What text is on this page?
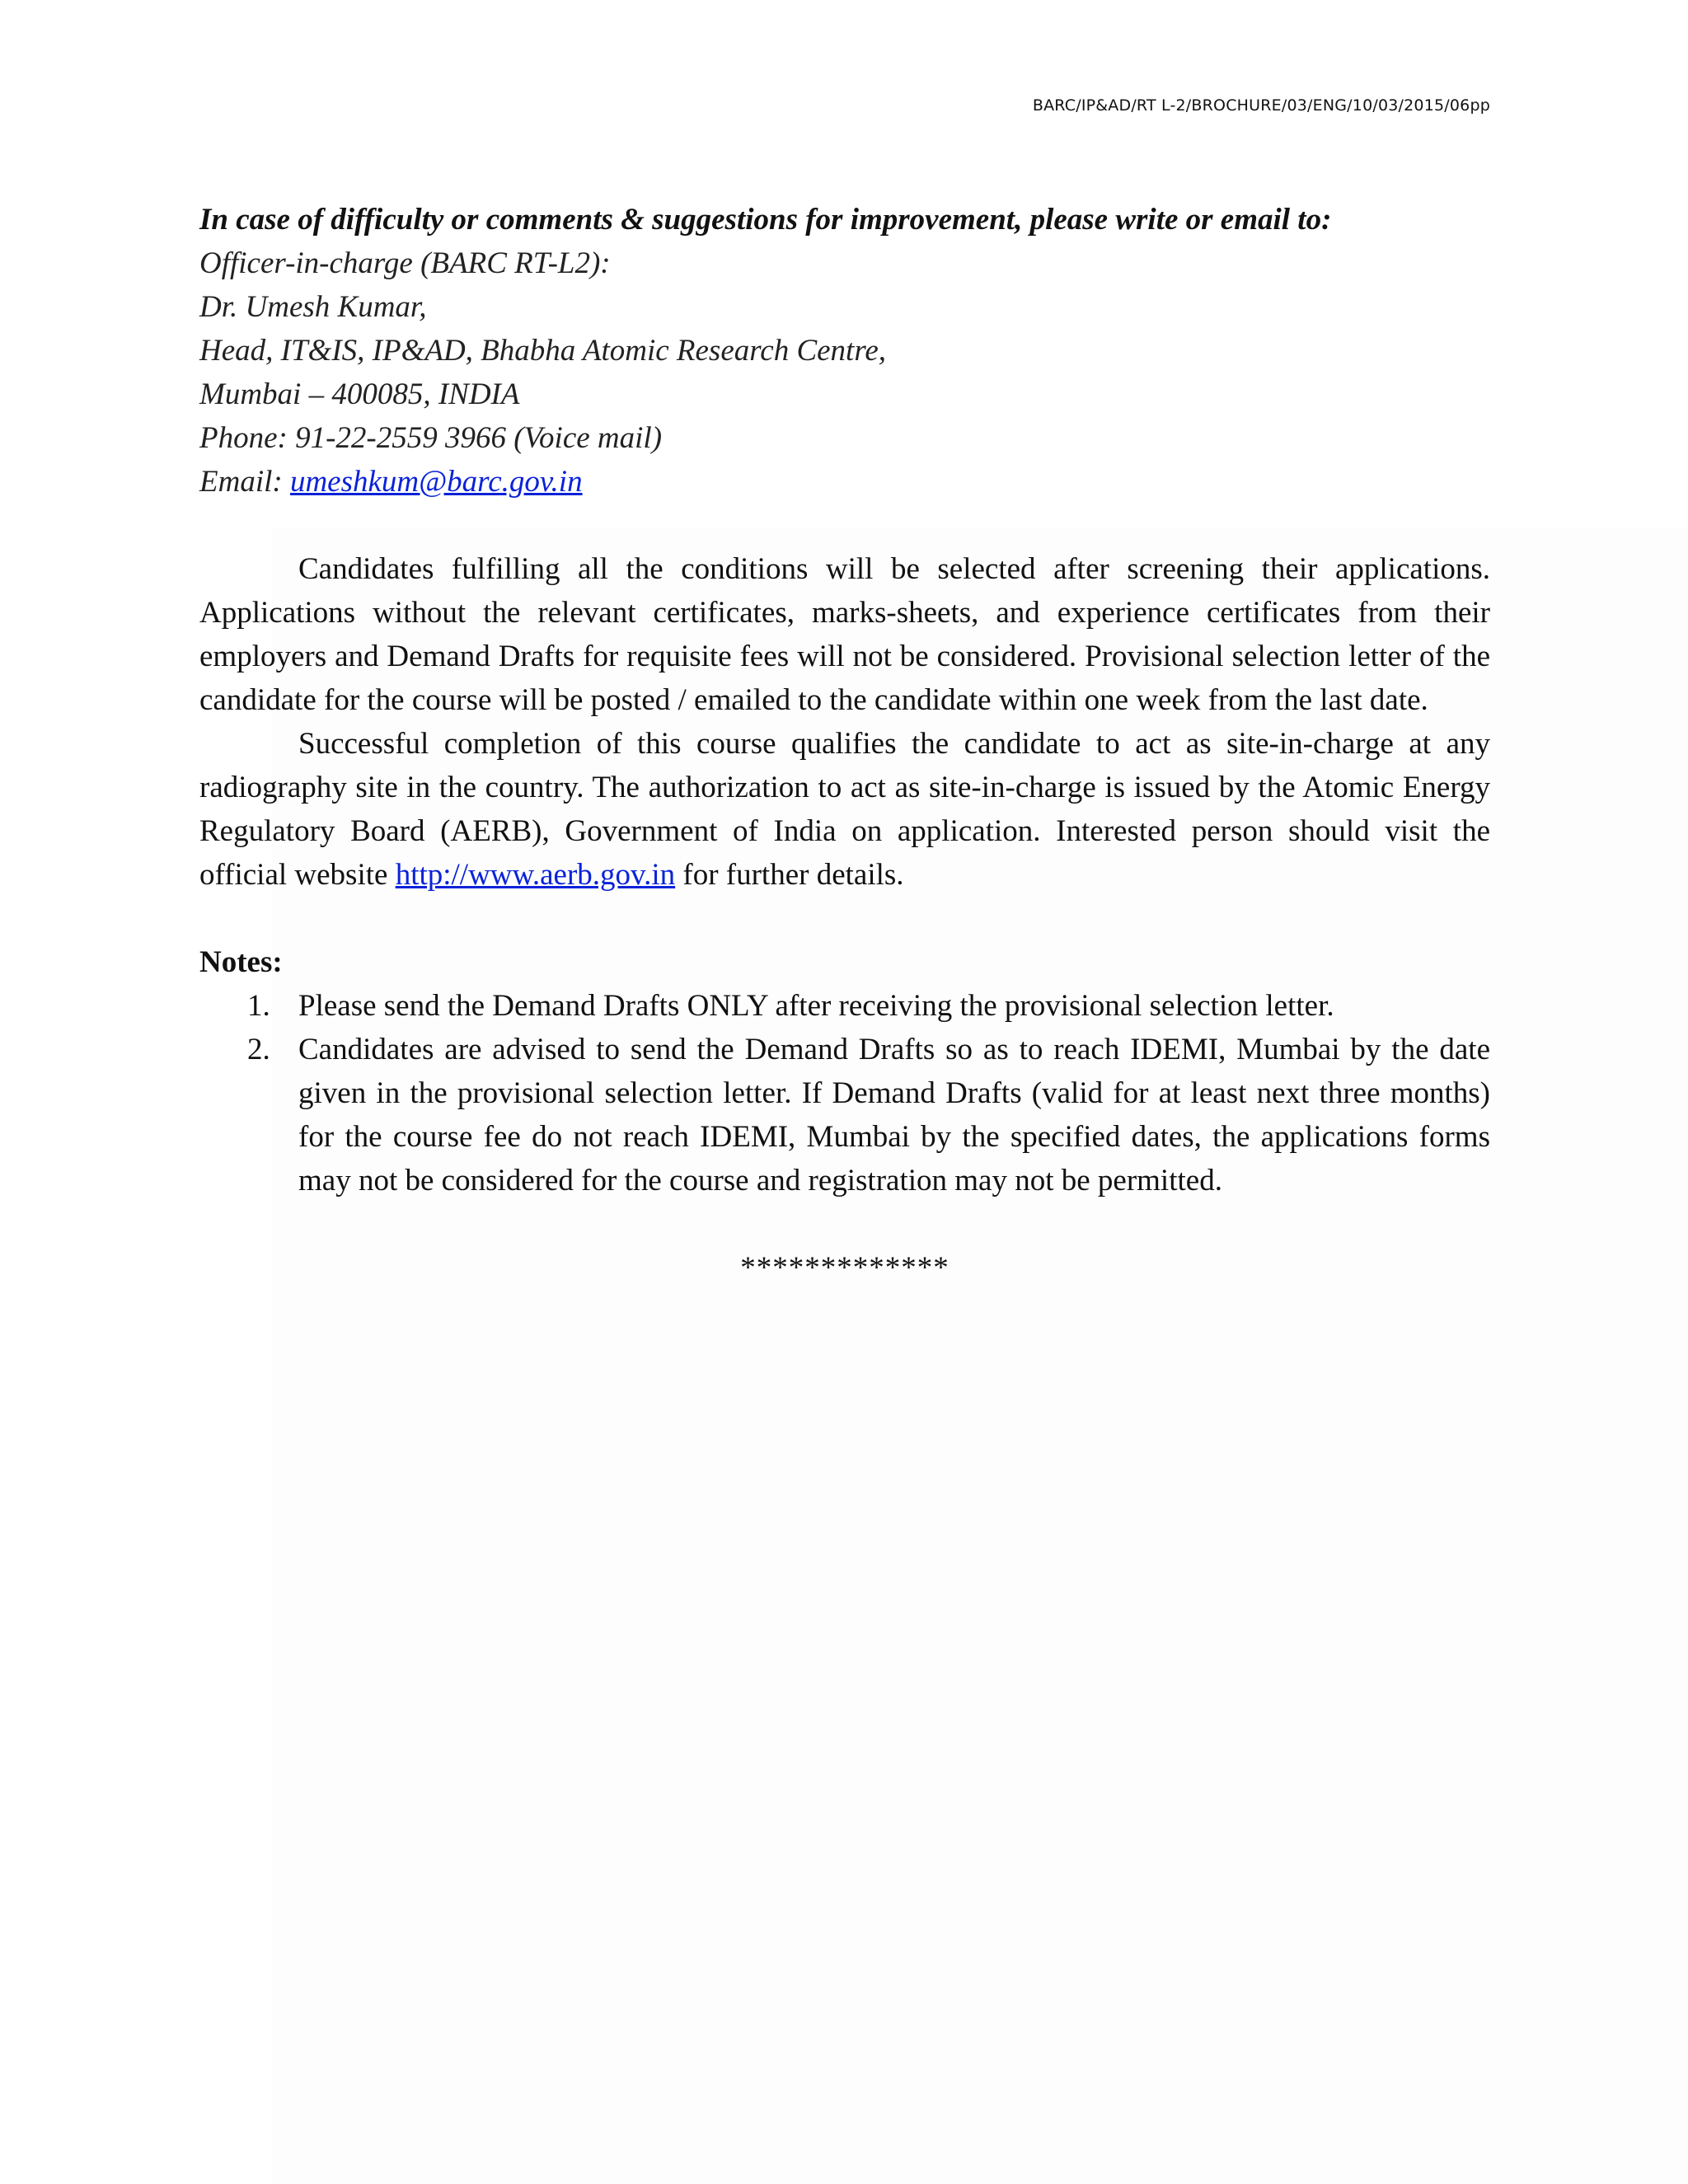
BARC/IP&AD/RT L-2/BROCHURE/03/ENG/10/03/2015/06pp

In case of difficulty or comments & suggestions for improvement, please write or email to:

Officer-in-charge (BARC RT-L2):

Dr. Umesh Kumar,

Head, IT&IS, IP&AD, Bhabha Atomic Research Centre,

Mumbai – 400085, INDIA

Phone: 91-22-2559 3966 (Voice mail)

Email: umeshkum@barc.gov.in

Candidates fulfilling all the conditions will be selected after screening their applications. Applications without the relevant certificates, marks-sheets, and experience certificates from their employers and Demand Drafts for requisite fees will not be considered. Provisional selection letter of the candidate for the course will be posted / emailed to the candidate within one week from the last date.

Successful completion of this course qualifies the candidate to act as site-in-charge at any radiography site in the country. The authorization to act as site-in-charge is issued by the Atomic Energy Regulatory Board (AERB), Government of India on application. Interested person should visit the official website http://www.aerb.gov.in for further details.

Notes:

1. Please send the Demand Drafts ONLY after receiving the provisional selection letter.
2. Candidates are advised to send the Demand Drafts so as to reach IDEMI, Mumbai by the date given in the provisional selection letter. If Demand Drafts (valid for at least next three months) for the course fee do not reach IDEMI, Mumbai by the specified dates, the applications forms may not be considered for the course and registration may not be permitted.
*************
